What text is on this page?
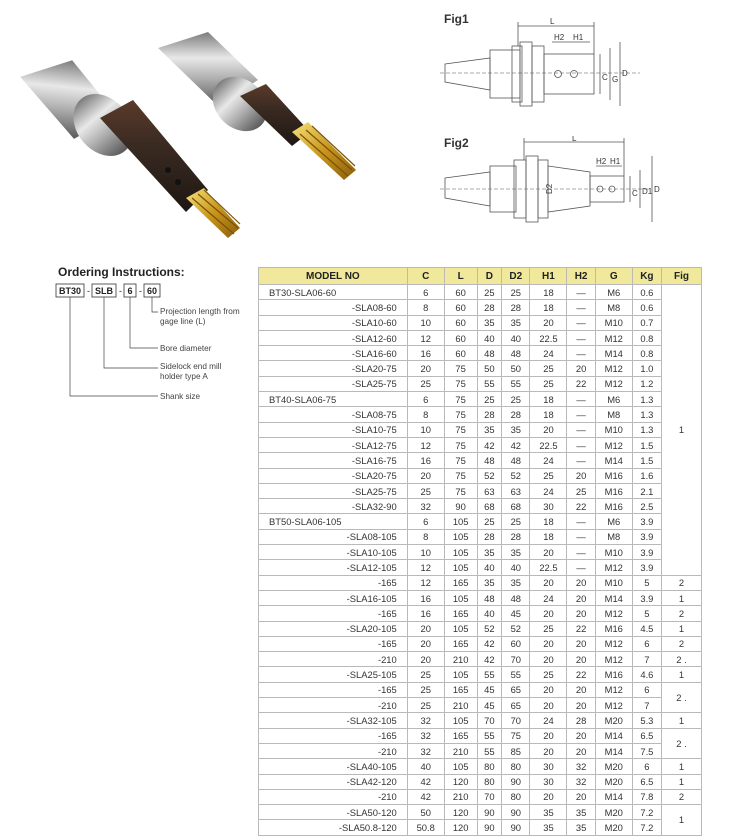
Fig1	L
H2 H1
C G
D
Fig2	L
H2 H1
D2	C D1 D
Ordering Instructions:
BT30 - SLB - 6 - 60
Projection length from
gage line (L)
Bore diameter
Sidelock end mill
holder type A
Shank size
MODEL NO	C	L	D	D2	H1	H2	G	Kg	Fig
BT30-SLA06-60	6	60	25	25	18	—	M6	0.6	1
-SLA08-60	8	60	28	28	18	—	M8	0.6	
-SLA10-60	10	60	35	35	20	—	M10	0.7	
-SLA12-60	12	60	40	40	22.5	—	M12	0.8	
-SLA16-60	16	60	48	48	24	—	M14	0.8	
-SLA20-75	20	75	50	50	25	20	M12	1.0	
-SLA25-75	25	75	55	55	25	22	M12	1.2	
BT40-SLA06-75	6	75	25	25	18	—	M6	1.3	
-SLA08-75	8	75	28	28	18	—	M8	1.3	
-SLA10-75	10	75	35	35	20	—	M10	1.3	
-SLA12-75	12	75	42	42	22.5	—	M12	1.5	
-SLA16-75	16	75	48	48	24	—	M14	1.5	
-SLA20-75	20	75	52	52	25	20	M16	1.6	
-SLA25-75	25	75	63	63	24	25	M16	2.1	
-SLA32-90	32	90	68	68	30	22	M16	2.5	
BT50-SLA06-105	6	105	25	25	18	—	M6	3.9	
-SLA08-105	8	105	28	28	18	—	M8	3.9	
-SLA10-105	10	105	35	35	20	—	M10	3.9	
-SLA12-105	12	105	40	40	22.5	—	M12	3.9	
-165	12	165	35	35	20	20	M10	5	2
-SLA16-105	16	105	48	48	24	20	M14	3.9	1
-165	16	165	40	45	20	20	M12	5	2
-SLA20-105	20	105	52	52	25	22	M16	4.5	1
-165	20	165	42	60	20	20	M12	6	2
-210	20	210	42	70	20	20	M12	7	2 .
-SLA25-105	25	105	55	55	25	22	M16	4.6	1
-165	25	165	45	65	20	20	M12	6	2 .
-210	25	210	45	65	20	20	M12	7	
-SLA32-105	32	105	70	70	24	28	M20	5.3	1
-165	32	165	55	75	20	20	M14	6.5	2 .
-210	32	210	55	85	20	20	M14	7.5	
-SLA40-105	40	105	80	80	30	32	M20	6	1
-SLA42-120	42	120	80	90	30	32	M20	6.5	1
-210	42	210	70	80	20	20	M14	7.8	2
-SLA50-120	50	120	90	90	35	35	M20	7.2	1
-SLA50.8-120	50.8	120	90	90	35	35	M20	7.2	
